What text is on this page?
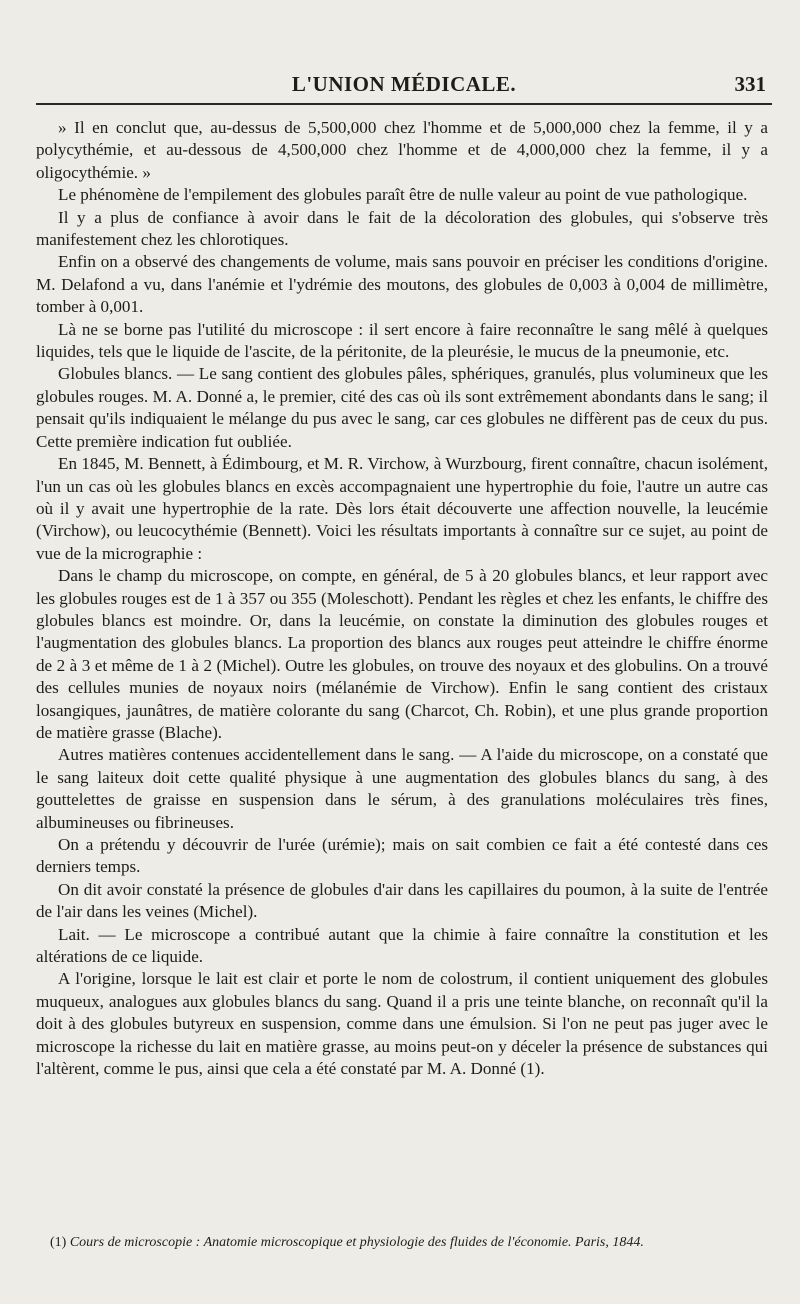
L'UNION MÉDICALE.	331

» Il en conclut que, au-dessus de 5,500,000 chez l'homme et de 5,000,000 chez la femme, il y a polycythémie, et au-dessous de 4,500,000 chez l'homme et de 4,000,000 chez la femme, il y a oligocythémie. »

Le phénomène de l'empilement des globules paraît être de nulle valeur au point de vue pathologique.

Il y a plus de confiance à avoir dans le fait de la décoloration des globules, qui s'observe très manifestement chez les chlorotiques.

Enfin on a observé des changements de volume, mais sans pouvoir en préciser les conditions d'origine. M. Delafond a vu, dans l'anémie et l'ydrémie des moutons, des globules de 0,003 à 0,004 de millimètre, tomber à 0,001.

Là ne se borne pas l'utilité du microscope : il sert encore à faire reconnaître le sang mêlé à quelques liquides, tels que le liquide de l'ascite, de la péritonite, de la pleurésie, le mucus de la pneumonie, etc.

Globules blancs. — Le sang contient des globules pâles, sphériques, granulés, plus volumineux que les globules rouges. M. A. Donné a, le premier, cité des cas où ils sont extrêmement abondants dans le sang; il pensait qu'ils indiquaient le mélange du pus avec le sang, car ces globules ne diffèrent pas de ceux du pus. Cette première indication fut oubliée.

En 1845, M. Bennett, à Édimbourg, et M. R. Virchow, à Wurzbourg, firent connaître, chacun isolément, l'un un cas où les globules blancs en excès accompagnaient une hypertrophie du foie, l'autre un autre cas où il y avait une hypertrophie de la rate. Dès lors était découverte une affection nouvelle, la leucémie (Virchow), ou leucocythémie (Bennett). Voici les résultats importants à connaître sur ce sujet, au point de vue de la micrographie :

Dans le champ du microscope, on compte, en général, de 5 à 20 globules blancs, et leur rapport avec les globules rouges est de 1 à 357 ou 355 (Moleschott). Pendant les règles et chez les enfants, le chiffre des globules blancs est moindre. Or, dans la leucémie, on constate la diminution des globules rouges et l'augmentation des globules blancs. La proportion des blancs aux rouges peut atteindre le chiffre énorme de 2 à 3 et même de 1 à 2 (Michel). Outre les globules, on trouve des noyaux et des globulins. On a trouvé des cellules munies de noyaux noirs (mélanémie de Virchow). Enfin le sang contient des cristaux losangiques, jaunâtres, de matière colorante du sang (Charcot, Ch. Robin), et une plus grande proportion de matière grasse (Blache).

Autres matières contenues accidentellement dans le sang. — A l'aide du microscope, on a constaté que le sang laiteux doit cette qualité physique à une augmentation des globules blancs du sang, à des gouttelettes de graisse en suspension dans le sérum, à des granulations moléculaires très fines, albumineuses ou fibrineuses.

On a prétendu y découvrir de l'urée (urémie); mais on sait combien ce fait a été contesté dans ces derniers temps.

On dit avoir constaté la présence de globules d'air dans les capillaires du poumon, à la suite de l'entrée de l'air dans les veines (Michel).

Lait. — Le microscope a contribué autant que la chimie à faire connaître la constitution et les altérations de ce liquide.

A l'origine, lorsque le lait est clair et porte le nom de colostrum, il contient uniquement des globules muqueux, analogues aux globules blancs du sang. Quand il a pris une teinte blanche, on reconnaît qu'il la doit à des globules butyreux en suspension, comme dans une émulsion. Si l'on ne peut pas juger avec le microscope la richesse du lait en matière grasse, au moins peut-on y déceler la présence de substances qui l'altèrent, comme le pus, ainsi que cela a été constaté par M. A. Donné (1).

(1) Cours de microscopie : Anatomie microscopique et physiologie des fluides de l'économie. Paris, 1844.
